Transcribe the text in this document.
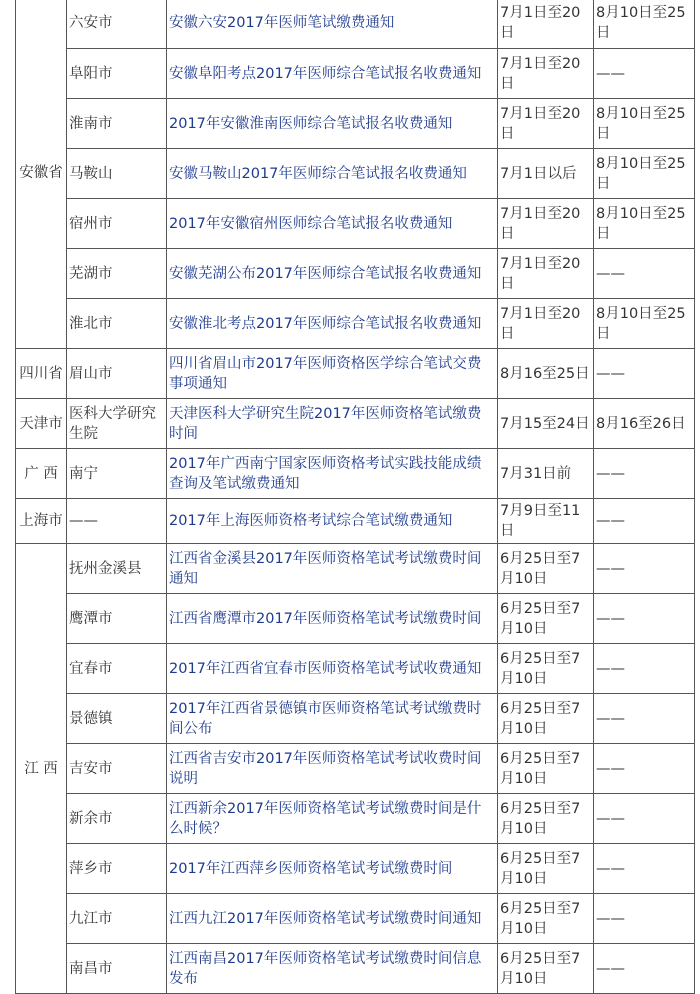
安徽省	六安市	安徽六安2017年医师笔试缴费通知	7月1日至20日	8月10日至25日
	阜阳市	安徽阜阳考点2017年医师综合笔试报名收费通知	7月1日至20日	——
	淮南市	2017年安徽淮南医师综合笔试报名收费通知	7月1日至20日	8月10日至25日
	马鞍山	安徽马鞍山2017年医师综合笔试报名收费通知	7月1日以后	8月10日至25日
	宿州市	2017年安徽宿州医师综合笔试报名收费通知	7月1日至20日	8月10日至25日
	芜湖市	安徽芜湖公布2017年医师综合笔试报名收费通知	7月1日至20日	——
	淮北市	安徽淮北考点2017年医师综合笔试报名收费通知	7月1日至20日	8月10日至25日
四川省	眉山市	四川省眉山市2017年医师资格医学综合笔试交费事项通知	8月16至25日	——
天津市	医科大学研究生院	天津医科大学研究生院2017年医师资格笔试缴费时间	7月15至24日	8月16至26日
广 西	南宁	2017年广西南宁国家医师资格考试实践技能成绩查询及笔试缴费通知	7月31日前	——
上海市	——	2017年上海医师资格考试综合笔试缴费通知	7月9日至11日	——
江 西	抚州金溪县	江西省金溪县2017年医师资格笔试考试缴费时间通知	6月25日至7月10日	——
	鹰潭市	江西省鹰潭市2017年医师资格笔试考试缴费时间	6月25日至7月10日	——
	宜春市	2017年江西省宜春市医师资格笔试考试收费通知	6月25日至7月10日	——
	景德镇	2017年江西省景德镇市医师资格笔试考试缴费时间公布	6月25日至7月10日	——
	吉安市	江西省吉安市2017年医师资格笔试考试收费时间说明	6月25日至7月10日	——
	新余市	江西新余2017年医师资格笔试考试缴费时间是什么时候？	6月25日至7月10日	——
	萍乡市	2017年江西萍乡医师资格笔试考试缴费时间	6月25日至7月10日	——
	九江市	江西九江2017年医师资格笔试考试缴费时间通知	6月25日至7月10日	——
	南昌市	江西南昌2017年医师资格笔试考试缴费时间信息发布	6月25日至7月10日	——
